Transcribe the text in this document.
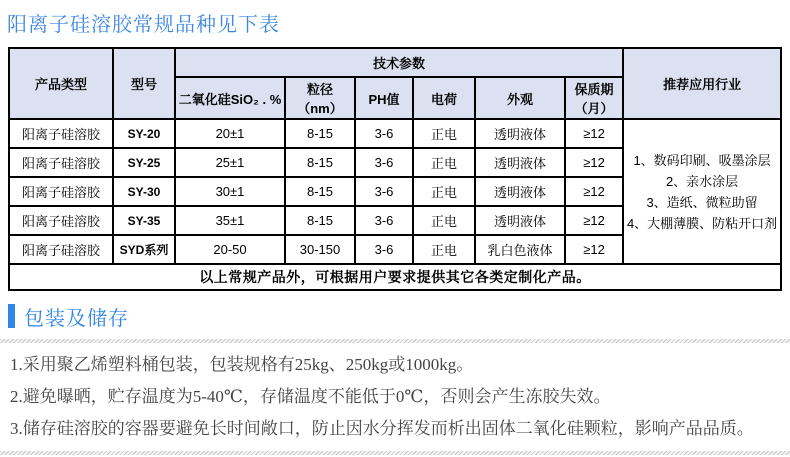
阳离子硅溶胶常规品种见下表
产品类型	型号	技术参数						推荐应用行业
		二氧化硅SiO₂ . %	粒径（nm）	PH值	电荷	外观	保质期（月）	
阳离子硅溶胶	SY-20	20±1	8-15	3-6	正电	透明液体	≥12	1、数码印刷、吸墨涂层
2、亲水涂层
3、造纸、微粒助留
4、大棚薄膜、防粘开口剂

阳离子硅溶胶	SY-25	25±1	8-15	3-6	正电	透明液体	≥12	
阳离子硅溶胶	SY-30	30±1	8-15	3-6	正电	透明液体	≥12	
阳离子硅溶胶	SY-35	35±1	8-15	3-6	正电	透明液体	≥12	
阳离子硅溶胶	SYD系列	20-50	30-150	3-6	正电	乳白色液体	≥12	
以上常规产品外，可根据用户要求提供其它各类定制化产品。								
包装及储存

1.采用聚乙烯塑料桶包装，包装规格有25kg、250kg或1000kg。

2.避免曝晒，贮存温度为5-40℃，存储温度不能低于0℃，否则会产生冻胶失效。

3.储存硅溶胶的容器要避免长时间敞口，防止因水分挥发而析出固体二氧化硅颗粒，影响产品品质。
